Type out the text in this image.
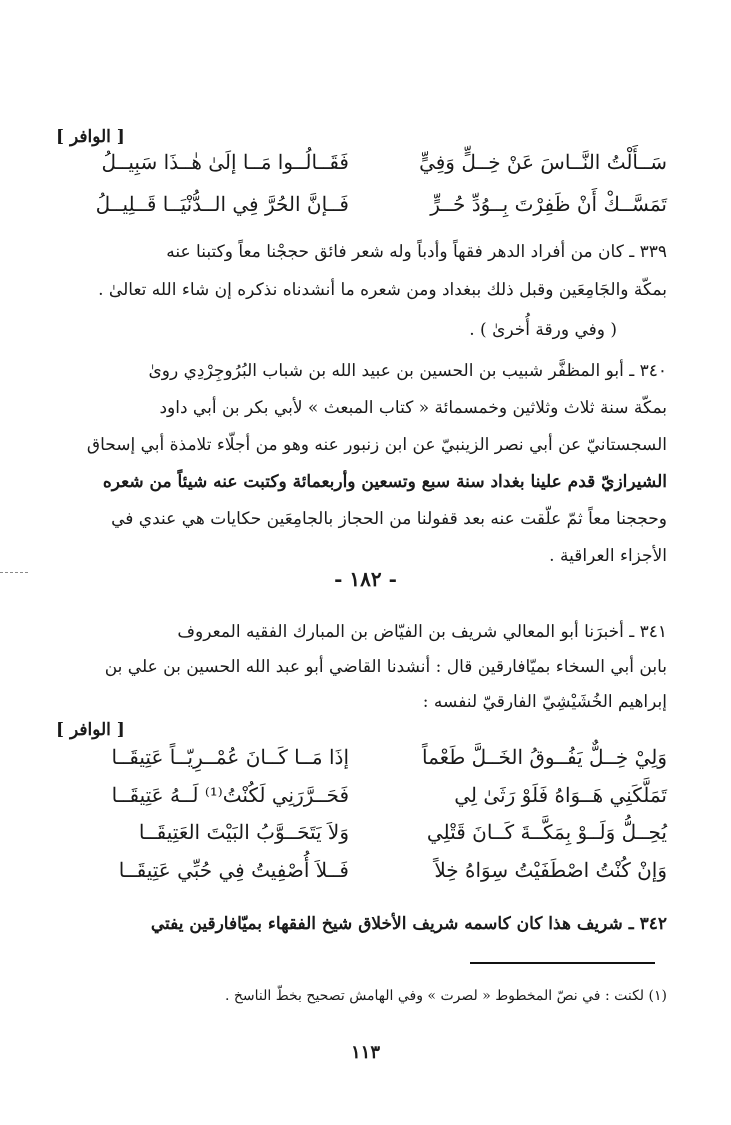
[ الوافر ]
سَــأَلْتُ النَّــاسَ عَنْ خِــلٍّ وَفِيٍّ
فَقَــالُــوا مَــا إلَىٰ هٰــذَا سَبِيــلُ
تَمَسَّــكْ أَنْ ظَفِرْتَ بِــوُدِّ حُــرٍّ
فَــإنَّ الحُرَّ فِي الــدُّنْيَــا قَــلِيــلُ
٣٣٩ ـ كان من أفراد الدهر فقهاً وأدباً وله شعر فائق حججْنا معاً وكتبنا عنه
بمكّة والجَامِعَين وقبل ذلك ببغداد ومن شعره ما أنشدناه نذكره إن شاء الله تعالىٰ .
( وفي ورقة أُخرىٰ ) .
٣٤٠ ـ أبو المظفَّر شبيب بن الحسين بن عبيد الله بن شباب البُرُوجِرْدِي روىٰ
بمكّة سنة ثلاث وثلاثين وخمسمائة « كتاب المبعث » لأبي بكر بن أبي داود
السجستانيّ عن أبي نصر الزينبيّ عن ابن زنبور عنه وهو من أجلّاء تلامذة أبي إسحاق
الشيرازيّ قدم علينا بغداد سنة سبع وتسعين وأربعمائة وكتبت عنه شيئاً من شعره
وحججنا معاً ثمّ علّقت عنه بعد قفولنا من الحجاز بالجامِعَين حكايات هي عندي في
الأجزاء العراقية .
- ١٨٢ -
٣٤١ ـ أخبرَنا أبو المعالي شريف بن الفيّاض بن المبارك الفقيه المعروف
بابن أبي السخاء بميّافارقين قال : أنشدنا القاضي أبو عبد الله الحسين بن علي بن
إبراهيم الخُشَيْشِيّ الفارقيّ لنفسه :
[ الوافر ]
وَلِيْ خِــلٌّ يَفُــوقُ الخَــلَّ طَعْماً
إذَا مَــا كَــانَ عُمْــرِيّــاً عَتِيقَــا
تَمَلَّكَنِي هَــوَاهُ فَلَوْ رَثَىٰ لِي
فَحَــرَّرَنِي لَكُنْتُ⁽¹⁾ لَــهُ عَتِيقَــا
يُحِــلُّ وَلَــوْ بِمَكَّــةَ كَــانَ قَتْلِي
وَلاَ يَتَحَــوَّبُ البَيْتَ العَتِيقَــا
وَإنْ كُنْتُ اصْطَفَيْتُ سِوَاهُ خِلاً
فَــلاَ أُصْفِيتُ فِي حُبِّي عَتِيقَــا
٣٤٢ ـ شريف هذا كان كاسمه شريف الأخلاق شيخ الفقهاء بميّافارقين يفتي
(١) لكنت : في نصّ المخطوط « لصرت » وفي الهامش تصحيح بخطّ الناسخ .
١١٣
